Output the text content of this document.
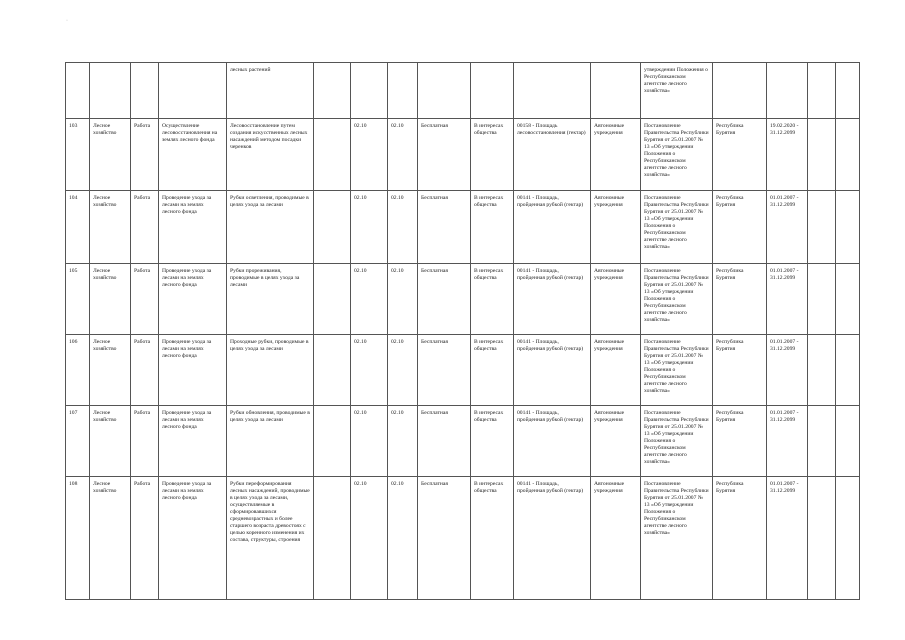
·
				лесных растений								утверждении Положения о Республиканском агентстве лесного хозяйства»				
103	Лесное хозяйство	Работа	Осуществление лесовосстановления на землях лесного фонда	Лесовосстановление путем создания искусственных лесных насаждений методом посадки черенков		02.10	02.10	Бесплатная	В интересах общества	00158 - Площадь лесовосстановления (гектар)	Автономные учреждения	Постановление Правительства Республики Бурятия от 25.01.2007 № 13 «Об утверждении Положения о Республиканском агентстве лесного хозяйства»	Республика Бурятия	19.02.2020 - 31.12.2099		
104	Лесное хозяйство	Работа	Проведение ухода за лесами на землях лесного фонда	Рубки осветления, проводимые в целях ухода за лесами		02.10	02.10	Бесплатная	В интересах общества	00141 - Площадь, пройденная рубкой (гектар)	Автономные учреждения	Постановление Правительства Республики Бурятия от 25.01.2007 № 13 «Об утверждении Положения о Республиканском агентстве лесного хозяйства»	Республика Бурятия	01.01.2007 - 31.12.2099		
105	Лесное хозяйство	Работа	Проведение ухода за лесами на землях лесного фонда	Рубки прореживания, проводимые в целях ухода за лесами		02.10	02.10	Бесплатная	В интересах общества	00141 - Площадь, пройденная рубкой (гектар)	Автономные учреждения	Постановление Правительства Республики Бурятия от 25.01.2007 № 13 «Об утверждении Положения о Республиканском агентстве лесного хозяйства»	Республика Бурятия	01.01.2007 - 31.12.2099		
106	Лесное хозяйство	Работа	Проведение ухода за лесами на землях лесного фонда	Проходные рубки, проводимые в целях ухода за лесами		02.10	02.10	Бесплатная	В интересах общества	00141 - Площадь, пройденная рубкой (гектар)	Автономные учреждения	Постановление Правительства Республики Бурятия от 25.01.2007 № 13 «Об утверждении Положения о Республиканском агентстве лесного хозяйства»	Республика Бурятия	01.01.2007 - 31.12.2099		
107	Лесное хозяйство	Работа	Проведение ухода за лесами на землях лесного фонда	Рубки обновления, проводимые в целях ухода за лесами		02.10	02.10	Бесплатная	В интересах общества	00141 - Площадь, пройденная рубкой (гектар)	Автономные учреждения	Постановление Правительства Республики Бурятия от 25.01.2007 № 13 «Об утверждении Положения о Республиканском агентстве лесного хозяйства»	Республика Бурятия	01.01.2007 - 31.12.2099		
108	Лесное хозяйство	Работа	Проведение ухода за лесами на землях лесного фонда	Рубки переформирования лесных насаждений, проводимые в целях ухода за лесами, осуществляемые в сформировавшихся средневозрастных и более старшего возраста древостоях с целью коренного изменения их состава, структуры, строения		02.10	02.10	Бесплатная	В интересах общества	00141 - Площадь, пройденная рубкой (гектар)	Автономные учреждения	Постановление Правительства Республики Бурятия от 25.01.2007 № 13 «Об утверждении Положения о Республиканском агентстве лесного хозяйства»	Республика Бурятия	01.01.2007 - 31.12.2099		
